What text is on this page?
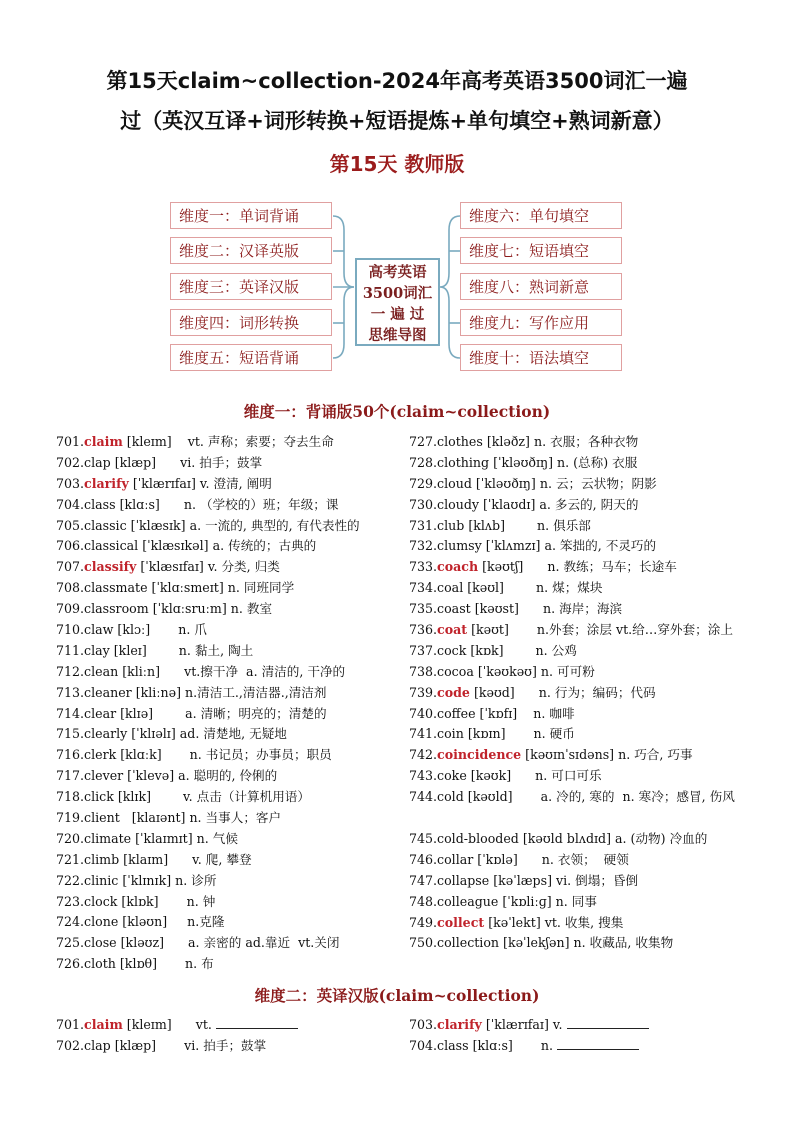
第15天claim~collection-2024年高考英语3500词汇一遍
过（英汉互译+词形转换+短语提炼+单句填空+熟词新意）
第15天 教师版
维度一：单词背诵
维度二：汉译英版
维度三：英译汉版
维度四：词形转换
维度五：短语背诵
维度六：单句填空
维度七：短语填空
维度八：熟词新意
维度九：写作应用
维度十：语法填空
高考英语
3500词汇
一 遍 过
思维导图
维度一：背诵版50个(claim~collection)
701.claim [kleɪm]    vt. 声称；索要；夺去生命
702.clap [klæp]      vi. 拍手；鼓掌
703.clarify [ˈklærɪfaɪ] v. 澄清, 阐明
704.class [klɑːs]      n. （学校的）班；年级；课
705.classic [ˈklæsɪk] a. 一流的, 典型的, 有代表性的
706.classical [ˈklæsɪkəl] a. 传统的；古典的
707.classify [ˈklæsɪfaɪ] v. 分类, 归类
708.classmate [ˈklɑːsmeɪt] n. 同班同学
709.classroom [ˈklɑːsruːm] n. 教室
710.claw [klɔː]       n. 爪
711.clay [kleɪ]        n. 黏土, 陶土
712.clean [kliːn]      vt.擦干净  a. 清洁的, 干净的
713.cleaner [kliːnə] n.清洁工.,清洁器.,清洁剂
714.clear [klɪə]        a. 清晰；明亮的；清楚的
715.clearly [ˈklɪəlɪ] ad. 清楚地, 无疑地
716.clerk [klɑːk]       n. 书记员；办事员；职员
717.clever [ˈklevə] a. 聪明的, 伶俐的
718.click [klɪk]        v. 点击（计算机用语）
719.client   [klaɪənt] n. 当事人；客户
720.climate [ˈklaɪmɪt] n. 气候
721.climb [klaɪm]      v. 爬, 攀登
722.clinic [ˈklɪnɪk] n. 诊所
723.clock [klɒk]       n. 钟
724.clone [kləʊn]     n.克隆
725.close [kləʊz]      a. 亲密的 ad.靠近  vt.关闭
726.cloth [klɒθ]       n. 布
727.clothes [kləðz] n. 衣服；各种衣物
728.clothing [ˈkləʊðɪŋ] n. (总称) 衣服
729.cloud [ˈkləʊðɪŋ] n. 云；云状物；阴影
730.cloudy [ˈklaʊdɪ] a. 多云的, 阴天的
731.club [klʌb]        n. 俱乐部
732.clumsy [ˈklʌmzɪ] a. 笨拙的, 不灵巧的
733.coach [kəʊtʃ]      n. 教练；马车；长途车
734.coal [kəʊl]        n. 煤；煤块
735.coast [kəʊst]      n. 海岸；海滨
736.coat [kəʊt]       n.外套；涂层 vt.给…穿外套；涂上
737.cock [kɒk]        n. 公鸡
738.cocoa [ˈkəʊkəʊ] n. 可可粉
739.code [kəʊd]      n. 行为；编码；代码
740.coffee [ˈkɒfɪ]    n. 咖啡
741.coin [kɒɪn]       n. 硬币
742.coincidence [kəʊɪnˈsɪdəns] n. 巧合, 巧事
743.coke [kəʊk]      n. 可口可乐
744.cold [kəʊld]       a. 冷的, 寒的  n. 寒冷；感冒, 伤风
745.cold-blooded [kəʊld blʌdɪd] a. (动物) 冷血的
746.collar [ˈkɒlə]      n. 衣领；  硬领
747.collapse [kəˈlæps] vi. 倒塌；昏倒
748.colleague [ˈkɒliːɡ] n. 同事
749.collect [kəˈlekt] vt. 收集, 搜集
750.collection [kəˈlekʃən] n. 收藏品, 收集物
维度二：英译汉版(claim~collection)
701.claim [kleɪm]      vt.
702.clap [klæp]       vi. 拍手；鼓掌
703.clarify [ˈklærɪfaɪ] v.
704.class [klɑːs]       n.
